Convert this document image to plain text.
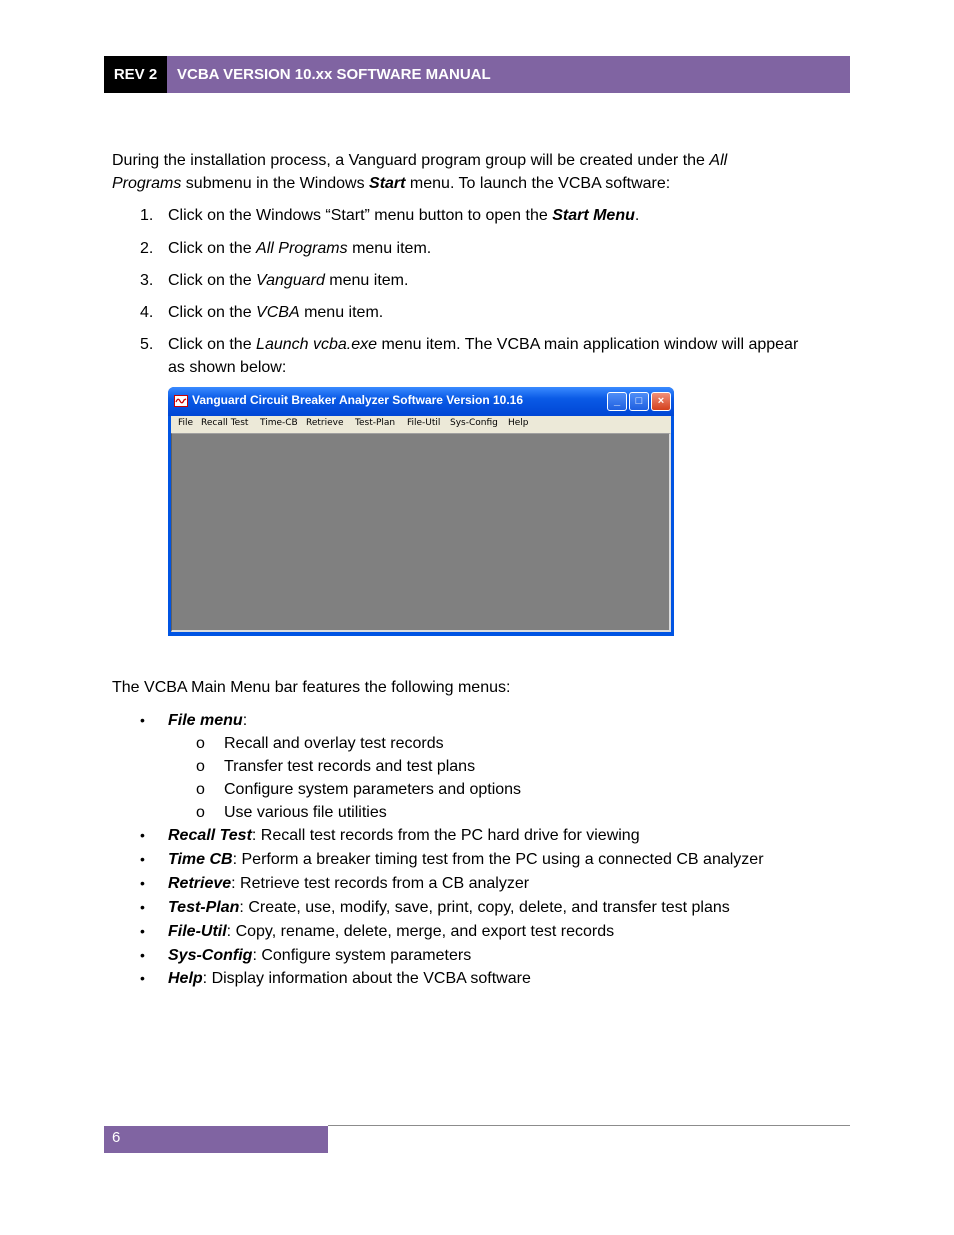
REV 2	VCBA VERSION 10.xx SOFTWARE MANUAL
During the installation process, a Vanguard program group will be created under the All
Programs submenu in the Windows Start menu. To launch the VCBA software:
1. Click on the Windows “Start” menu button to open the Start Menu.
2. Click on the All Programs menu item.
3. Click on the Vanguard menu item.
4. Click on the VCBA menu item.
5. Click on the Launch vcba.exe menu item. The VCBA main application window will appear
as shown below:
Vanguard Circuit Breaker Analyzer Software Version 10.16	_	□	×
File Recall Test Time-CB Retrieve Test-Plan File-Util Sys-Config Help
The VCBA Main Menu bar features the following menus:
• File menu:
o Recall and overlay test records
o Transfer test records and test plans
o Configure system parameters and options
o Use various file utilities
• Recall Test: Recall test records from the PC hard drive for viewing
• Time CB: Perform a breaker timing test from the PC using a connected CB analyzer
• Retrieve: Retrieve test records from a CB analyzer
• Test-Plan: Create, use, modify, save, print, copy, delete, and transfer test plans
• File-Util: Copy, rename, delete, merge, and export test records
• Sys-Config: Configure system parameters
• Help: Display information about the VCBA software
6
